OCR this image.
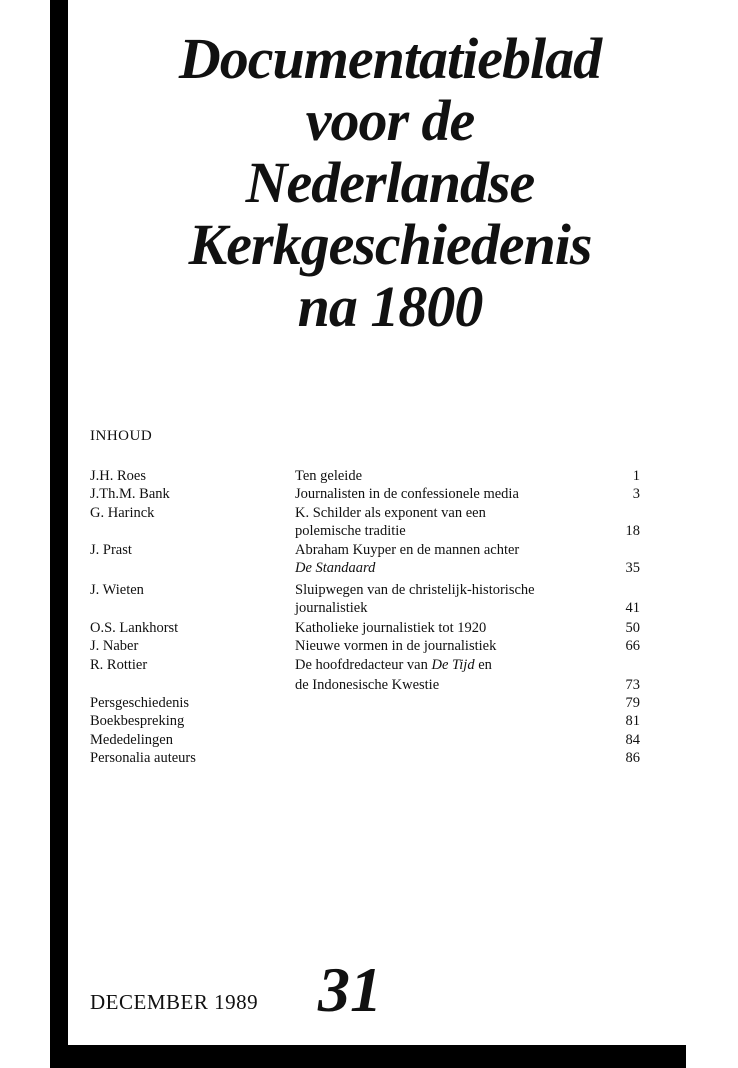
Documentatieblad
voor de
Nederlandse
Kerkgeschiedenis
na 1800
INHOUD
J.H. Roes	Ten geleide	1
J.Th.M. Bank	Journalisten in de confessionele media	3
G. Harinck	K. Schilder als exponent van een
polemische traditie	18
J. Prast	Abraham Kuyper en de mannen achter
De Standaard	35
J. Wieten	Sluipwegen van de christelijk-historische
journalistiek	41
O.S. Lankhorst	Katholieke journalistiek tot 1920	50
J. Naber	Nieuwe vormen in de journalistiek	66
R. Rottier	De hoofdredacteur van De Tijd en
de Indonesische Kwestie	73
Persgeschiedenis	79
Boekbespreking	81
Mededelingen	84
Personalia auteurs	86
DECEMBER 1989 31
